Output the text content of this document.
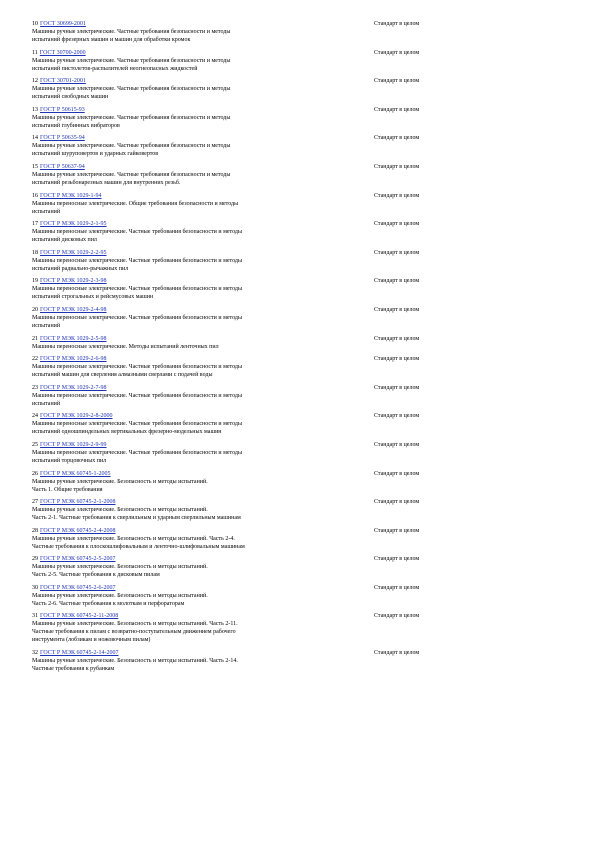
10 ГОСТ 30699-2001
Машины ручные электрические. Частные требования безопасности и методы
испытаний фрезерных машин и машин для обработки кромок
Стандарт в целом
11 ГОСТ 30700-2000
Машины ручные электрические. Частные требования безопасности и методы
испытаний пистолетов-распылителей неогнеопасных жидкостей
Стандарт в целом
12 ГОСТ 30701-2001
Машины ручные электрические. Частные требования безопасности и методы
испытаний свободных машин
Стандарт в целом
13 ГОСТ Р 50615-93
Машины ручные электрические. Частные требования безопасности и методы
испытаний глубинных вибраторов
Стандарт в целом
14 ГОСТ Р 50635-94
Машины ручные электрические. Частные требования безопасности и методы
испытаний шуруповертов и ударных гайковертов
Стандарт в целом
15 ГОСТ Р 50637-94
Машины ручные электрические. Частные требования безопасности и методы
испытаний резьбонарезных машин для внутренних резьб.
Стандарт в целом
16 ГОСТ Р МЭК 1029-1-94
Машины переносные электрические. Общие требования безопасности и методы
испытаний
Стандарт в целом
17 ГОСТ Р МЭК 1029-2-1-95
Машины переносные электрические. Частные требования безопасности и методы
испытаний дисковых пил
Стандарт в целом
18 ГОСТ Р МЭК 1029-2-2-95
Машины переносные электрические. Частные требования безопасности и методы
испытаний радиально-рычажных пил
Стандарт в целом
19 ГОСТ Р МЭК 1029-2-3-98
Машины переносные электрические. Частные требования безопасности и методы
испытаний строгальных и рейсмусовых машин
Стандарт в целом
20 ГОСТ Р МЭК 1029-2-4-98
Машины переносные электрические. Частные требования безопасности и методы
испытаний
Стандарт в целом
21 ГОСТ Р МЭК 1029-2-5-98
Машины переносные электрические. Методы испытаний ленточных пил
Стандарт в целом
22 ГОСТ Р МЭК 1029-2-6-98
Машины переносные электрические. Частные требования безопасности и методы
испытаний машин для сверления алмазными сверлами с подачей воды
Стандарт в целом
23 ГОСТ Р МЭК 1029-2-7-98
Машины переносные электрические. Частные требования безопасности и методы
испытаний
Стандарт в целом
24 ГОСТ Р МЭК 1029-2-8-2000
Машины переносные электрические. Частные требования безопасности и методы
испытаний одношпиндельных вертикальных фрезерно-модельных машин
Стандарт в целом
25 ГОСТ Р МЭК 1029-2-9-99
Машины переносные электрические. Частные требования безопасности и методы
испытаний торцовочных пил
Стандарт в целом
26 ГОСТ Р МЭК 60745-1-2005
Машины ручные электрические. Безопасность и методы испытаний.
Часть 1. Общие требования
Стандарт в целом
27 ГОСТ Р МЭК 60745-2-1-2008
Машины ручные электрические. Безопасность и методы испытаний.
Часть 2-1. Частные требования к сверлильным и ударным сверлильным машинам
Стандарт в целом
28 ГОСТ Р МЭК 60745-2-4-2008
Машины ручные электрические. Безопасность и методы испытаний. Часть 2-4.
Частные требования к плоскошлифовальным и ленточно-шлифовальным машинам
Стандарт в целом
29 ГОСТ Р МЭК 60745-2-5-2007
Машины ручные электрические. Безопасность и методы испытаний.
Часть 2-5. Частные требования к дисковым пилам
Стандарт в целом
30 ГОСТ Р МЭК 60745-2-6-2007
Машины ручные электрические. Безопасность и методы испытаний.
Часть 2-6. Частные требования к молоткам и перфораторам
Стандарт в целом
31 ГОСТ Р МЭК 60745-2-11-2008
Машины ручные электрические. Безопасность и методы испытаний. Часть 2-11.
Частные требования к пилам с возвратно-поступательным движением рабочего
инструмента (лобзикам и ножовочным пилам)
Стандарт в целом
32 ГОСТ Р МЭК 60745-2-14-2007
Машины ручные электрические. Безопасность и методы испытаний. Часть 2-14.
Частные требования к рубанкам
Стандарт в целом
